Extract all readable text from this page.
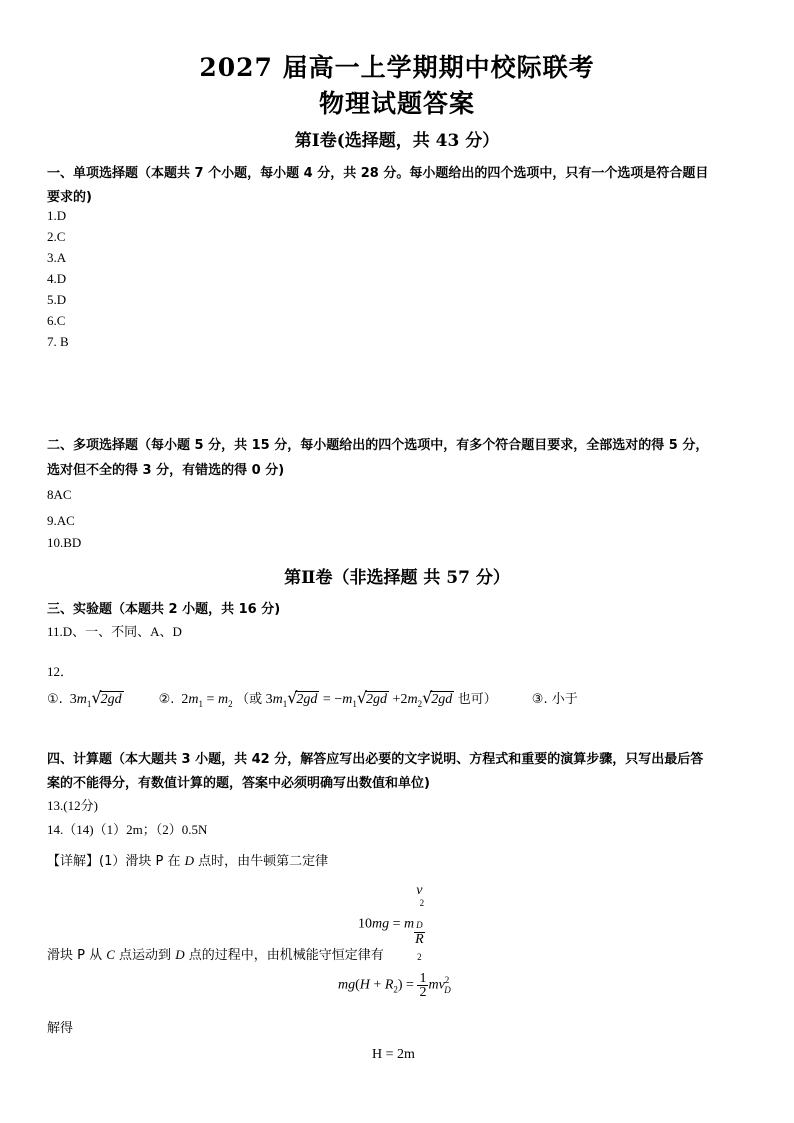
2027 届高一上学期期中校际联考
物理试题答案
第Ⅰ卷(选择题，共 43 分）
一、单项选择题（本题共 7 个小题，每小题 4 分，共 28 分。每小题给出的四个选项中，只有一个选项是符合题目
要求的)
1.D
2.C
3.A
4.D
5.D
6.C
7. B
二、多项选择题（每小题 5 分，共 15 分，每小题给出的四个选项中，有多个符合题目要求，全部选对的得 5 分，
选对但不全的得 3 分，有错选的得 0 分)
8AC
9.AC
10.BD
第Ⅱ卷（非选择题 共 57 分）
三、实验题（本题共 2 小题，共 16 分)
11.D、一、不同、A、D
12．
①.  $3m_1√2gd$	②.  $2m_1 = m_2$ （或 $3m_1√2gd = -m_1√2gd +2m_2√2gd$ 也可）	③. 小于
四、计算题（本大题共 3 小题，共 42 分，解答应写出必要的文字说明、方程式和重要的演算步骤，只写出最后答
案的不能得分，有数值计算的题，答案中必须明确写出数值和单位)
13.(12分)
14.（14)（1）2m；（2）0.5N
【详解】(1）滑块 P 在 D 点时，由牛顿第二定律
10mg = m v
$^2$
$_D$
R
$_2$
滑块 P 从 C 点运动到 D 点的过程中，由机械能守恒定律有
$mg(H + R_2) = \frac{1}{2} mv^2_D$
解得
H = 2m
